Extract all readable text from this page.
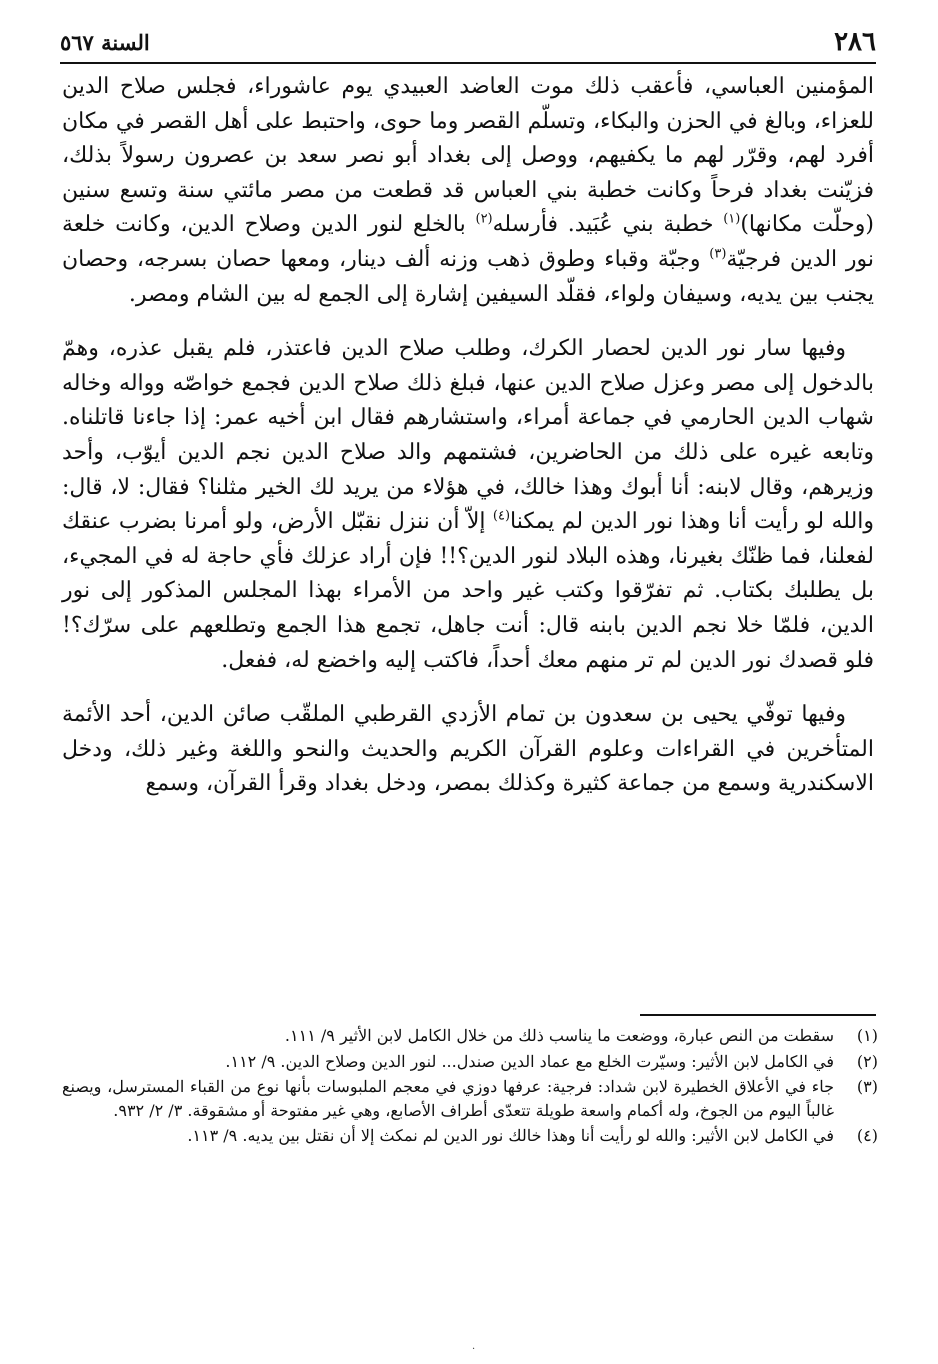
٢٨٦
السنة ٥٦٧

المؤمنين العباسي، فأعقب ذلك موت العاضد العبيدي يوم عاشوراء، فجلس صلاح الدين للعزاء، وبالغ في الحزن والبكاء، وتسلّم القصر وما حوى، واحتبط على أهل القصر في مكان أفرد لهم، وقرّر لهم ما يكفيهم، ووصل إلى بغداد أبو نصر سعد بن عصرون رسولاً بذلك، فزيّنت بغداد فرحاً وكانت خطبة بني العباس قد قطعت من مصر مائتي سنة وتسع سنين (وحلّت مكانها)$^{(١)}$ خطبة بني عُبَيد. فأرسله$^{(٢)}$ بالخلع لنور الدين وصلاح الدين، وكانت خلعة نور الدين فرجيّة$^{(٣)}$ وجبّة وقباء وطوق ذهب وزنه ألف دينار، ومعها حصان بسرجه، وحصان يجنب بين يديه، وسيفان ولواء، فقلّد السيفين إشارة إلى الجمع له بين الشام ومصر.

وفيها سار نور الدين لحصار الكرك، وطلب صلاح الدين فاعتذر، فلم يقبل عذره، وهمّ بالدخول إلى مصر وعزل صلاح الدين عنها، فبلغ ذلك صلاح الدين فجمع خواصّه وواله وخاله شهاب الدين الحارمي في جماعة أمراء، واستشارهم فقال ابن أخيه عمر: إذا جاءنا قاتلناه. وتابعه غيره على ذلك من الحاضرين، فشتمهم والد صلاح الدين نجم الدين أيوّب، وأحد وزيرهم، وقال لابنه: أنا أبوك وهذا خالك، في هؤلاء من يريد لك الخير مثلنا؟ فقال: لا، قال: والله لو رأيت أنا وهذا نور الدين لم يمكنا$^{(٤)}$ إلاّ أن ننزل نقبّل الأرض، ولو أمرنا بضرب عنقك لفعلنا، فما ظنّك بغيرنا، وهذه البلاد لنور الدين؟!! فإن أراد عزلك فأي حاجة له في المجيء، بل يطلبك بكتاب. ثم تفرّقوا وكتب غير واحد من الأمراء بهذا المجلس المذكور إلى نور الدين، فلمّا خلا نجم الدين بابنه قال: أنت جاهل، تجمع هذا الجمع وتطلعهم على سرّك؟! فلو قصدك نور الدين لم تر منهم معك أحداً، فاكتب إليه واخضع له، ففعل.

وفيها توفّي يحيى بن سعدون بن تمام الأزدي القرطبي الملقّب صائن الدين، أحد الأئمة المتأخرين في القراءات وعلوم القرآن الكريم والحديث والنحو واللغة وغير ذلك، ودخل الاسكندرية وسمع من جماعة كثيرة وكذلك بمصر، ودخل بغداد وقرأ القرآن، وسمع

(١)
سقطت من النص عبارة، ووضعت ما يناسب ذلك من خلال الكامل لابن الأثير ٩/ ١١١.
(٢)
في الكامل لابن الأثير: وسيّرت الخلع مع عماد الدين صندل... لنور الدين وصلاح الدين. ٩/ ١١٢.
(٣)
جاء في الأعلاق الخطيرة لابن شداد: فرجية: عرفها دوزي في معجم الملبوسات بأنها نوع من القباء المسترسل، ويصنع غالباً اليوم من الجوخ، وله أكمام واسعة طويلة تتعدّى أطراف الأصابع، وهي غير مفتوحة أو مشقوقة. ٣/ ٢/ ٩٣٢.
(٤)
في الكامل لابن الأثير: والله لو رأيت أنا وهذا خالك نور الدين لم نمكث إلا أن نقتل بين يديه. ٩/ ١١٣.
·
